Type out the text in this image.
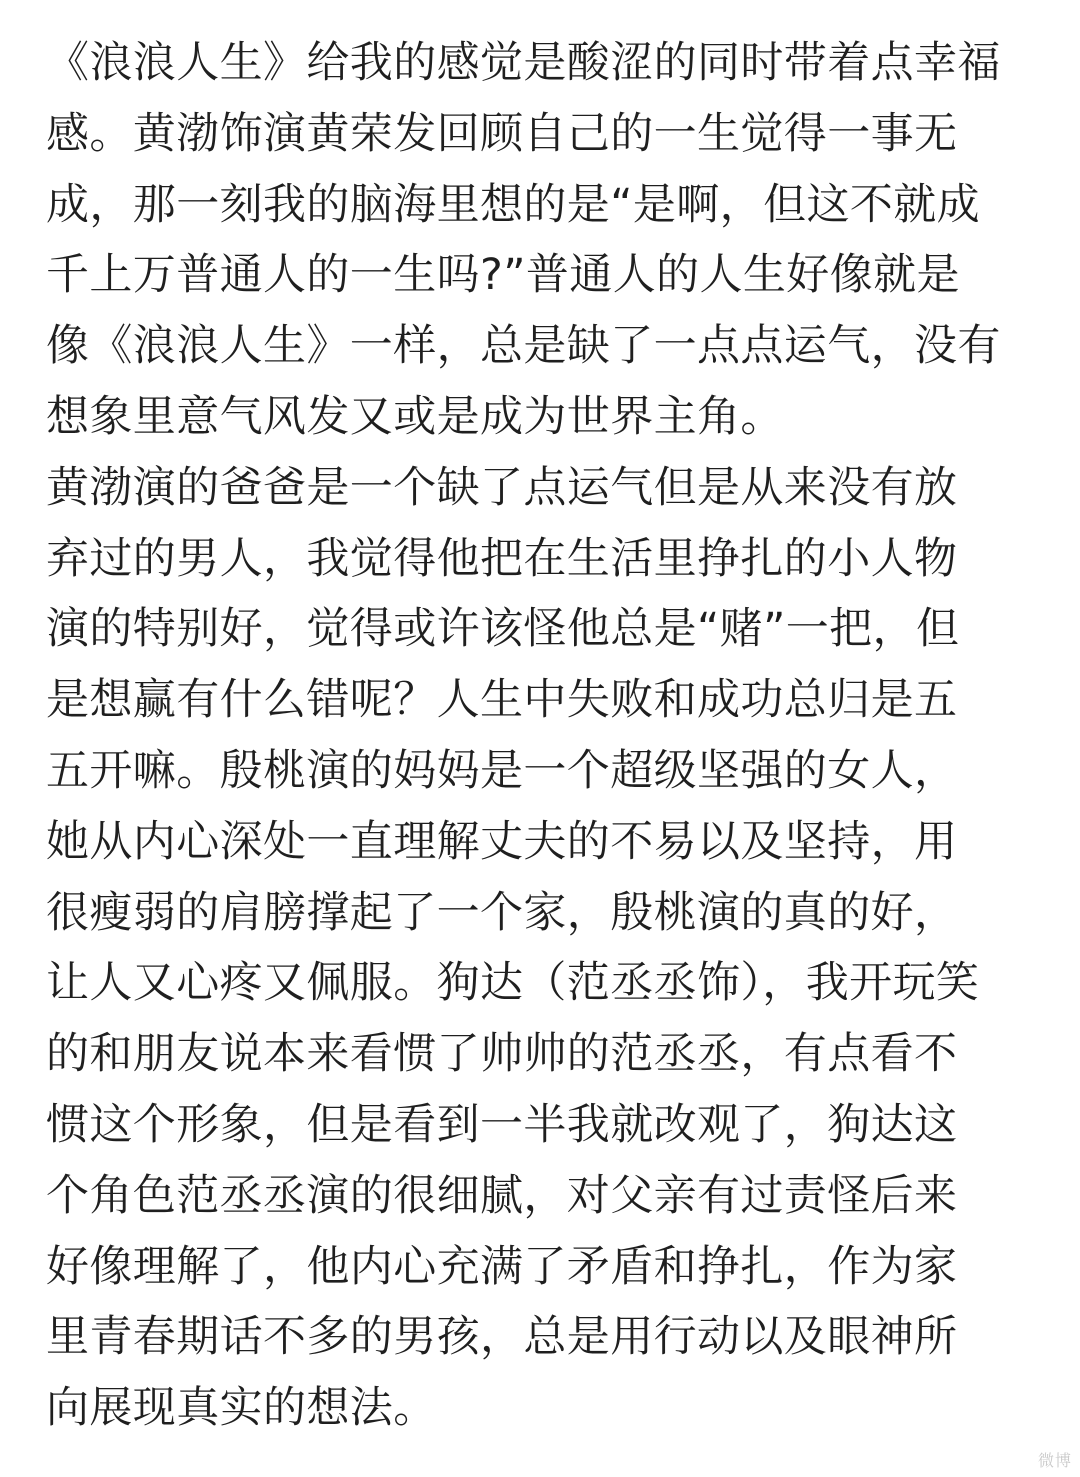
《浪浪人生》给我的感觉是酸涩的同时带着点幸福
感。黄渤饰演黄荣发回顾自己的一生觉得一事无
成，那一刻我的脑海里想的是“是啊，但这不就成
千上万普通人的一生吗?”普通人的人生好像就是
像《浪浪人生》一样，总是缺了一点点运气，没有
想象里意气风发又或是成为世界主角。
黄渤演的爸爸是一个缺了点运气但是从来没有放
弃过的男人，我觉得他把在生活里挣扎的小人物
演的特别好，觉得或许该怪他总是“赌”一把，但
是想赢有什么错呢？人生中失败和成功总归是五
五开嘛。殷桃演的妈妈是一个超级坚强的女人，
她从内心深处一直理解丈夫的不易以及坚持，用
很瘦弱的肩膀撑起了一个家，殷桃演的真的好，
让人又心疼又佩服。狗达（范丞丞饰），我开玩笑
的和朋友说本来看惯了帅帅的范丞丞，有点看不
惯这个形象，但是看到一半我就改观了，狗达这
个角色范丞丞演的很细腻，对父亲有过责怪后来
好像理解了，他内心充满了矛盾和挣扎，作为家
里青春期话不多的男孩，总是用行动以及眼神所
向展现真实的想法。
微博
